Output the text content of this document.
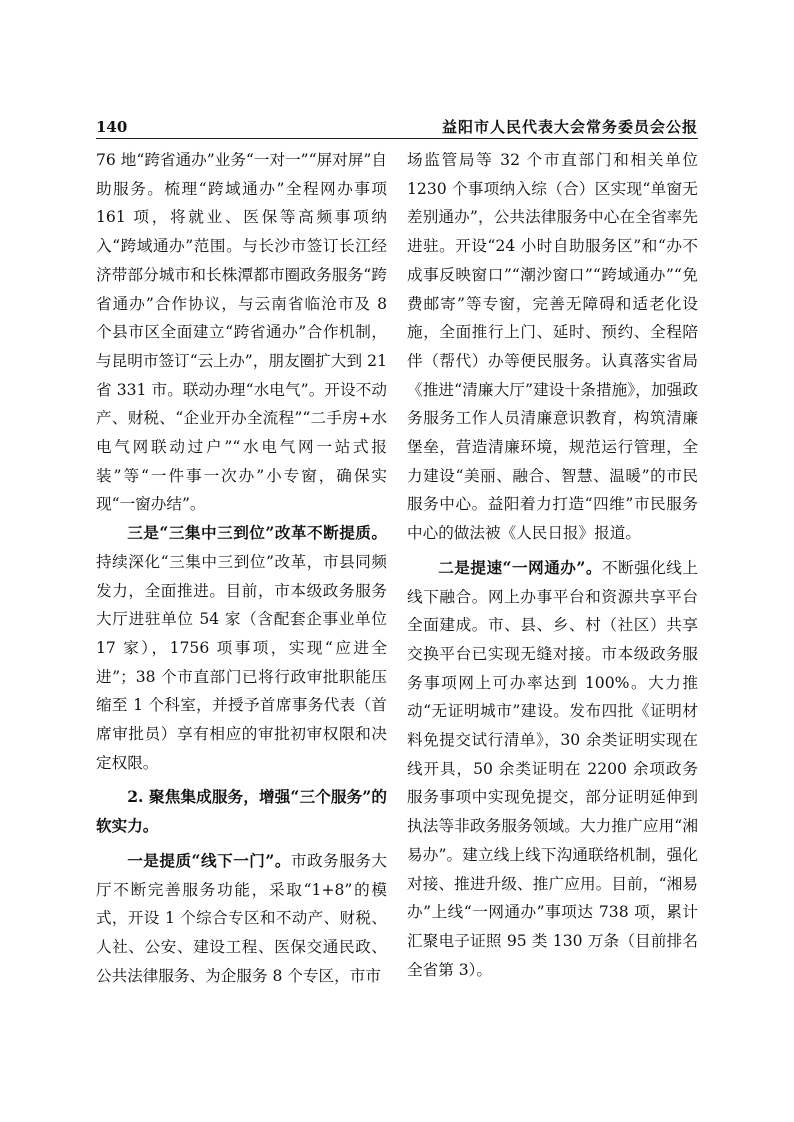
140	益阳市人民代表大会常务委员会公报

76 地“跨省通办”业务“一对一”“屏对屏”自助服务。梳理“跨域通办”全程网办事项 161 项，将就业、医保等高频事项纳入“跨域通办”范围。与长沙市签订长江经济带部分城市和长株潭都市圈政务服务“跨省通办”合作协议，与云南省临沧市及 8 个县市区全面建立“跨省通办”合作机制，与昆明市签订“云上办”，朋友圈扩大到 21 省 331 市。联动办理“水电气”。开设不动产、财税、“企业开办全流程”“二手房+水电气网联动过户”“水电气网一站式报装”等“一件事一次办”小专窗，确保实现“一窗办结”。

三是“三集中三到位”改革不断提质。持续深化“三集中三到位”改革，市县同频发力，全面推进。目前，市本级政务服务大厅进驻单位 54 家（含配套企事业单位 17 家），1756 项事项，实现“应进全进”；38 个市直部门已将行政审批职能压缩至 1 个科室，并授予首席事务代表（首席审批员）享有相应的审批初审权限和决定权限。

2. 聚焦集成服务，增强“三个服务”的软实力。

一是提质“线下一门”。市政务服务大厅不断完善服务功能，采取“1+8”的模式，开设 1 个综合专区和不动产、财税、人社、公安、建设工程、医保交通民政、公共法律服务、为企服务 8 个专区，市市

场监管局等 32 个市直部门和相关单位 1230 个事项纳入综（合）区实现“单窗无差别通办”，公共法律服务中心在全省率先进驻。开设“24 小时自助服务区”和“办不成事反映窗口”“潮沙窗口”“跨域通办”“免费邮寄”等专窗，完善无障碍和适老化设施，全面推行上门、延时、预约、全程陪伴（帮代）办等便民服务。认真落实省局《推进“清廉大厅”建设十条措施》，加强政务服务工作人员清廉意识教育，构筑清廉堡垒，营造清廉环境，规范运行管理，全力建设“美丽、融合、智慧、温暖”的市民服务中心。益阳着力打造“四维”市民服务中心的做法被《人民日报》报道。

二是提速“一网通办”。不断强化线上线下融合。网上办事平台和资源共享平台全面建成。市、县、乡、村（社区）共享交换平台已实现无缝对接。市本级政务服务事项网上可办率达到 100%。大力推动“无证明城市”建设。发布四批《证明材料免提交试行清单》，30 余类证明实现在线开具，50 余类证明在 2200 余项政务服务事项中实现免提交，部分证明延伸到执法等非政务服务领域。大力推广应用“湘易办”。建立线上线下沟通联络机制，强化对接、推进升级、推广应用。目前，“湘易办”上线“一网通办”事项达 738 项，累计汇聚电子证照 95 类 130 万条（目前排名全省第 3）。
